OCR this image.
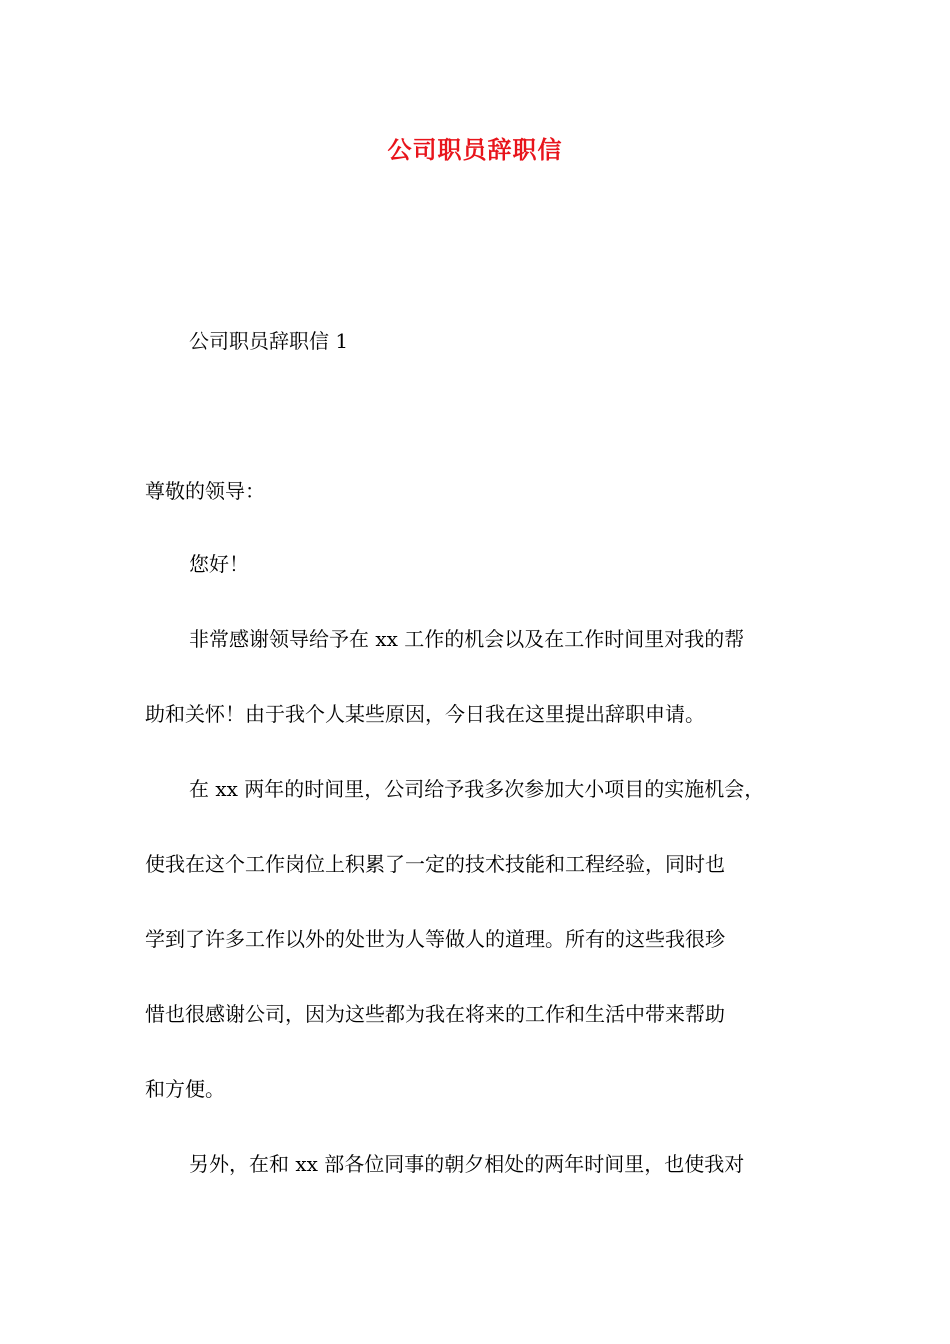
公司职员辞职信
公司职员辞职信 1
尊敬的领导：
您好！
非常感谢领导给予在 xx 工作的机会以及在工作时间里对我的帮
助和关怀！由于我个人某些原因，今日我在这里提出辞职申请。
在 xx 两年的时间里，公司给予我多次参加大小项目的实施机会，
使我在这个工作岗位上积累了一定的技术技能和工程经验，同时也
学到了许多工作以外的处世为人等做人的道理。所有的这些我很珍
惜也很感谢公司，因为这些都为我在将来的工作和生活中带来帮助
和方便。
另外，在和 xx 部各位同事的朝夕相处的两年时间里，也使我对
